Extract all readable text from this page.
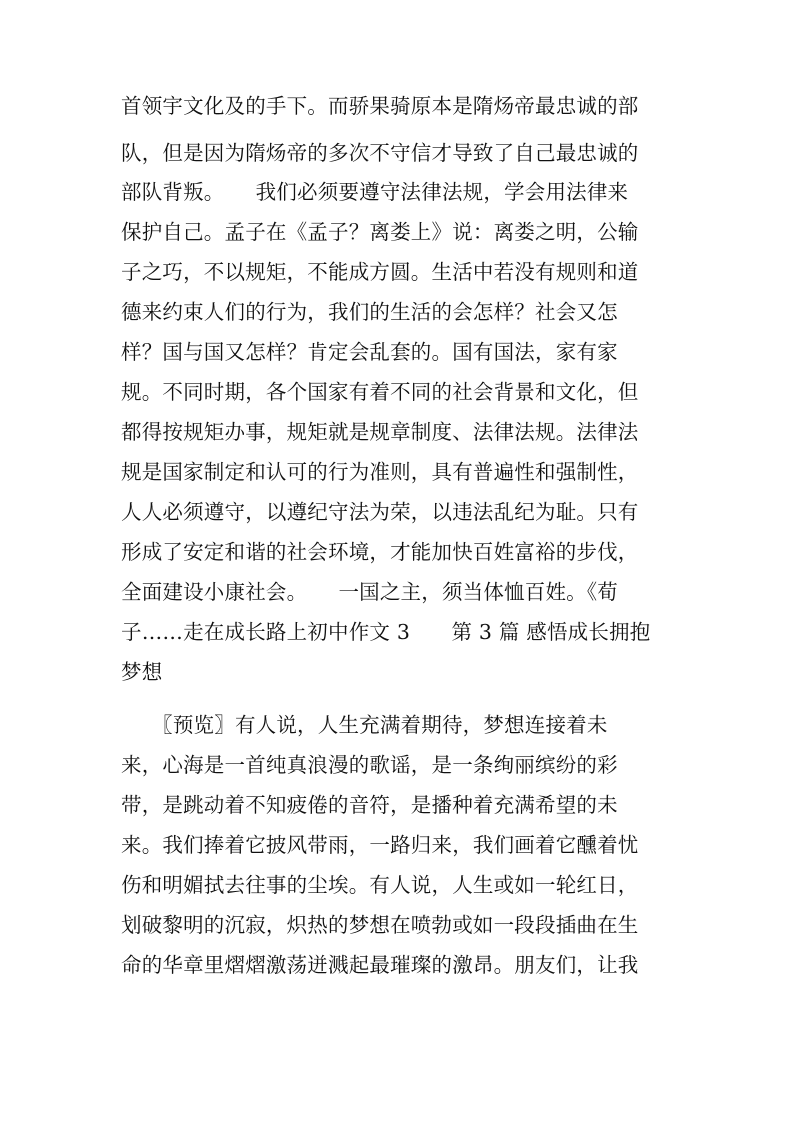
首领宇文化及的手下。而骄果骑原本是隋炀帝最忠诚的部
队，但是因为隋炀帝的多次不守信才导致了自己最忠诚的
部队背叛。　　我们必须要遵守法律法规，学会用法律来
保护自己。孟子在《孟子？离娄上》说：离娄之明，公输
子之巧，不以规矩，不能成方圆。生活中若没有规则和道
德来约束人们的行为，我们的生活的会怎样？社会又怎
样？国与国又怎样？肯定会乱套的。国有国法，家有家
规。不同时期，各个国家有着不同的社会背景和文化，但
都得按规矩办事，规矩就是规章制度、法律法规。法律法
规是国家制定和认可的行为准则，具有普遍性和强制性，
人人必须遵守，以遵纪守法为荣，以违法乱纪为耻。只有
形成了安定和谐的社会环境，才能加快百姓富裕的步伐，
全面建设小康社会。　　一国之主，须当体恤百姓。《荀
子……走在成长路上初中作文 3　　第 3 篇 感悟成长拥抱
梦想
　　〖预览〗有人说，人生充满着期待，梦想连接着未
来，心海是一首纯真浪漫的歌谣，是一条绚丽缤纷的彩
带，是跳动着不知疲倦的音符，是播种着充满希望的未
来。我们捧着它披风带雨，一路归来，我们画着它醺着忧
伤和明媚拭去往事的尘埃。有人说，人生或如一轮红日，
划破黎明的沉寂，炽热的梦想在喷勃或如一段段插曲在生
命的华章里熠熠激荡迸溅起最璀璨的激昂。朋友们，让我
